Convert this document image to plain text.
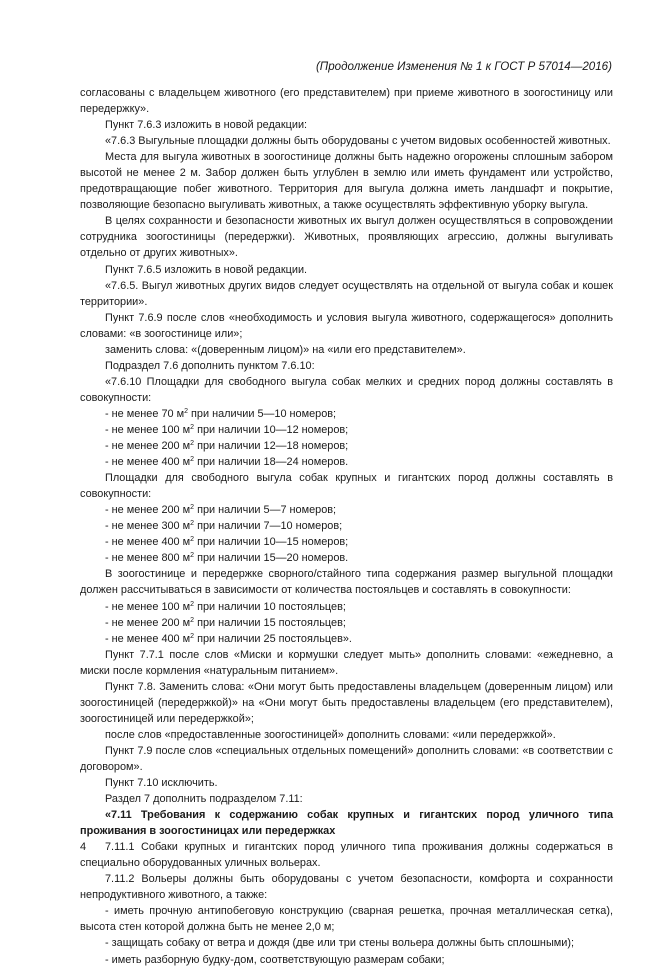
(Продолжение Изменения № 1 к ГОСТ Р 57014—2016)

согласованы с владельцем животного (его представителем) при приеме животного в зоогостиницу или передержку».

Пункт 7.6.3 изложить в новой редакции:

«7.6.3 Выгульные площадки должны быть оборудованы с учетом видовых особенностей животных.

Места для выгула животных в зоогостинице должны быть надежно огорожены сплошным забором высотой не менее 2 м. Забор должен быть углублен в землю или иметь фундамент или устройство, предотвращающие побег животного. Территория для выгула должна иметь ландшафт и покрытие, позволяющие безопасно выгуливать животных, а также осуществлять эффективную уборку выгула.

В целях сохранности и безопасности животных их выгул должен осуществляться в сопровождении сотрудника зоогостиницы (передержки). Животных, проявляющих агрессию, должны выгуливать отдельно от других животных».

Пункт 7.6.5 изложить в новой редакции.

«7.6.5. Выгул животных других видов следует осуществлять на отдельной от выгула собак и кошек территории».

Пункт 7.6.9 после слов «необходимость и условия выгула животного, содержащегося» дополнить словами: «в зоогостинице или»;

заменить слова: «(доверенным лицом)» на «или его представителем».

Подраздел 7.6 дополнить пунктом 7.6.10:

«7.6.10 Площадки для свободного выгула собак мелких и средних пород должны составлять в совокупности:

- не менее 70 $м^2$ при наличии 5—10 номеров;

- не менее 100 $м^2$ при наличии 10—12 номеров;

- не менее 200 $м^2$ при наличии 12—18 номеров;

- не менее 400 $м^2$ при наличии 18—24 номеров.

Площадки для свободного выгула собак крупных и гигантских пород должны составлять в совокупности:

- не менее 200 $м^2$ при наличии 5—7 номеров;

- не менее 300 $м^2$ при наличии 7—10 номеров;

- не менее 400 $м^2$ при наличии 10—15 номеров;

- не менее 800 $м^2$ при наличии 15—20 номеров.

В зоогостинице и передержке сворного/стайного типа содержания размер выгульной площадки должен рассчитываться в зависимости от количества постояльцев и составлять в совокупности:

- не менее 100 $м^2$ при наличии 10 постояльцев;

- не менее 200 $м^2$ при наличии 15 постояльцев;

- не менее 400 $м^2$ при наличии 25 постояльцев».

Пункт 7.7.1 после слов «Миски и кормушки следует мыть» дополнить словами: «ежедневно, а миски после кормления «натуральным питанием».

Пункт 7.8. Заменить слова: «Они могут быть предоставлены владельцем (доверенным лицом) или зоогостиницей (передержкой)» на «Они могут быть предоставлены владельцем (его представителем), зоогостиницей или передержкой»;

после слов «предоставленные зоогостиницей» дополнить словами: «или передержкой».

Пункт 7.9 после слов «специальных отдельных помещений» дополнить словами: «в соответствии с договором».

Пункт 7.10 исключить.

Раздел 7 дополнить подразделом 7.11:

«7.11 Требования к содержанию собак крупных и гигантских пород уличного типа проживания в зоогостиницах или передержках

7.11.1 Собаки крупных и гигантских пород уличного типа проживания должны содержаться в специально оборудованных уличных вольерах.

7.11.2 Вольеры должны быть оборудованы с учетом безопасности, комфорта и сохранности непродуктивного животного, а также:

- иметь прочную антипобеговую конструкцию (сварная решетка, прочная металлическая сетка), высота стен которой должна быть не менее 2,0 м;

- защищать собаку от ветра и дождя (две или три стены вольера должны быть сплошными);

- иметь разборную будку-дом, соответствующую размерам собаки;

4
